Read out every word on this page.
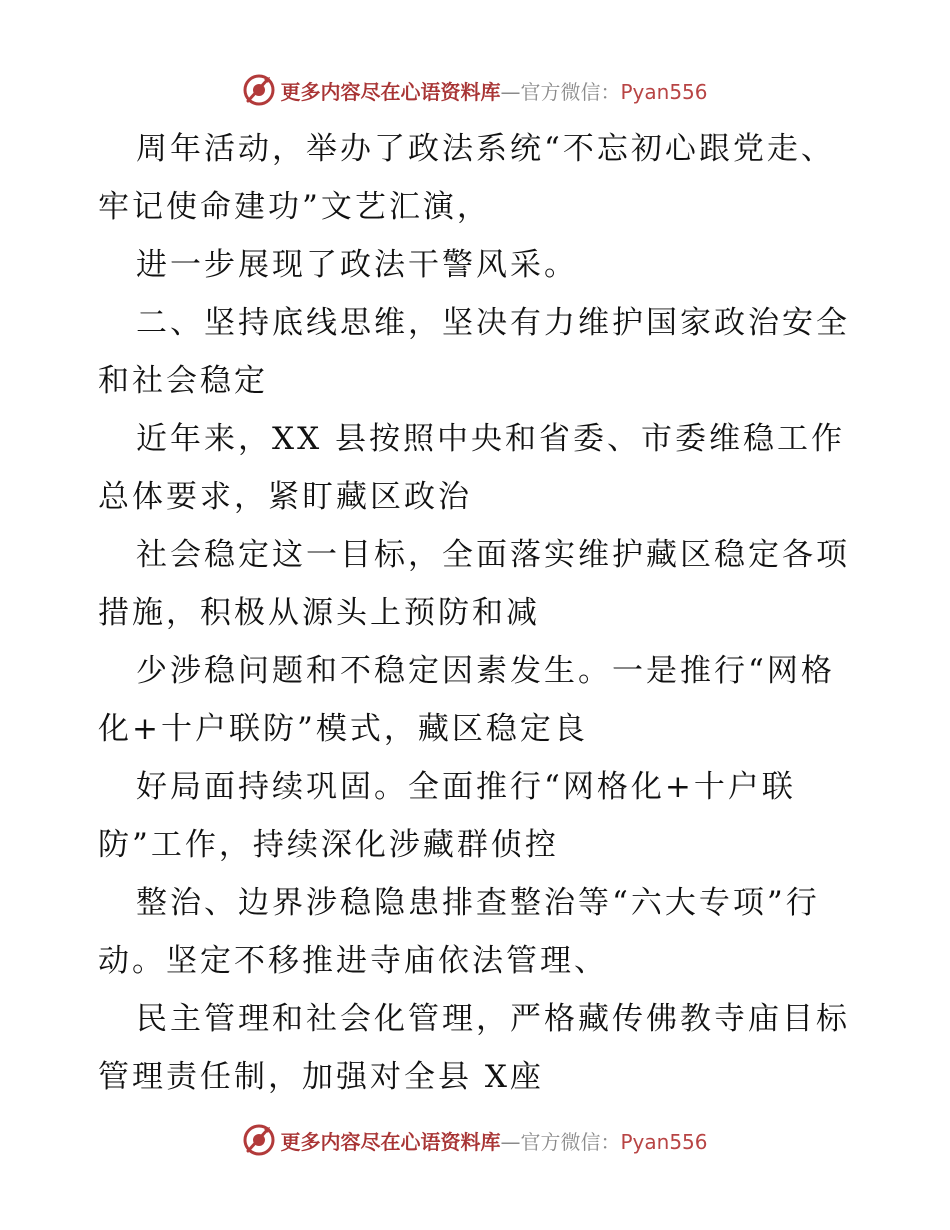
更多内容尽在心语资料库—官方微信：Pyan556
周年活动，举办了政法系统“不忘初心跟党走、
牢记使命建功”文艺汇演，
进一步展现了政法干警风采。
二、坚持底线思维，坚决有力维护国家政治安全
和社会稳定
近年来，XX 县按照中央和省委、市委维稳工作
总体要求，紧盯藏区政治
社会稳定这一目标，全面落实维护藏区稳定各项
措施，积极从源头上预防和减
少涉稳问题和不稳定因素发生。一是推行“网格
化+十户联防”模式，藏区稳定良
好局面持续巩固。全面推行“网格化+十户联
防”工作，持续深化涉藏群侦控
整治、边界涉稳隐患排查整治等“六大专项”行
动。坚定不移推进寺庙依法管理、
民主管理和社会化管理，严格藏传佛教寺庙目标
管理责任制，加强对全县 X座
更多内容尽在心语资料库—官方微信：Pyan556
